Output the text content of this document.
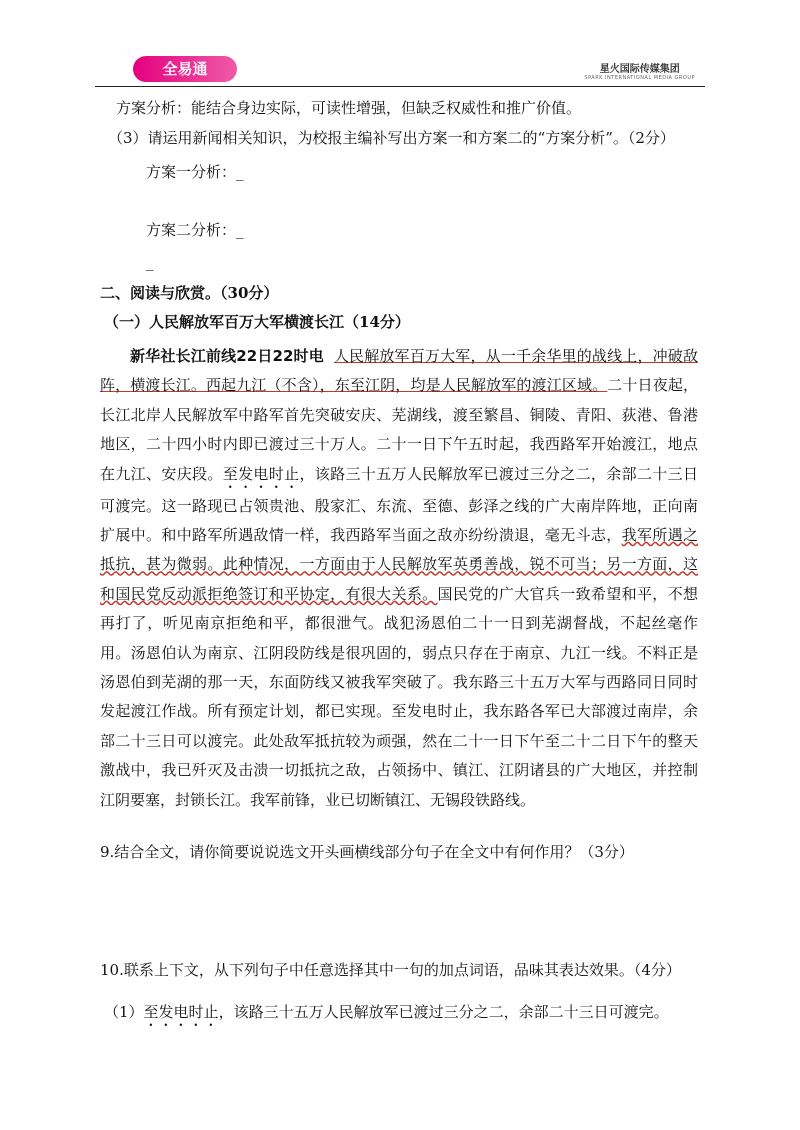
全易通	星火国际传媒集团
SPARK INTERNATIONAL MEDIA GROUP
方案分析：能结合身边实际，可读性增强，但缺乏权威性和推广价值。
（3）请运用新闻相关知识，为校报主编补写出方案一和方案二的“方案分析”。（2分）
方案一分析：_
方案二分析：_
_
二、阅读与欣赏。（30分）
（一）人民解放军百万大军横渡长江（14分）

新华社长江前线22日22时电 人民解放军百万大军，从一千余华里的战线上，冲破敌阵，横渡长江。西起九江（不含），东至江阴，均是人民解放军的渡江区域。二十日夜起，长江北岸人民解放军中路军首先突破安庆、芜湖线，渡至繁昌、铜陵、青阳、荻港、鲁港地区，二十四小时内即已渡过三十万人。二十一日下午五时起，我西路军开始渡江，地点在九江、安庆段。至发电时止，该路三十五万人民解放军已渡过三分之二，余部二十三日可渡完。这一路现已占领贵池、殷家汇、东流、至德、彭泽之线的广大南岸阵地，正向南扩展中。和中路军所遇敌情一样，我西路军当面之敌亦纷纷溃退，毫无斗志，我军所遇之抵抗，甚为微弱。此种情况，一方面由于人民解放军英勇善战，锐不可当；另一方面，这和国民党反动派拒绝签订和平协定，有很大关系。国民党的广大官兵一致希望和平，不想再打了，听见南京拒绝和平，都很泄气。战犯汤恩伯二十一日到芜湖督战，不起丝毫作用。汤恩伯认为南京、江阴段防线是很巩固的，弱点只存在于南京、九江一线。不料正是汤恩伯到芜湖的那一天，东面防线又被我军突破了。我东路三十五万大军与西路同日同时发起渡江作战。所有预定计划，都已实现。至发电时止，我东路各军已大部渡过南岸，余部二十三日可以渡完。此处敌军抵抗较为顽强，然在二十一日下午至二十二日下午的整天激战中，我已歼灭及击溃一切抵抗之敌，占领扬中、镇江、江阴诸县的广大地区，并控制江阴要塞，封锁长江。我军前锋，业已切断镇江、无锡段铁路线。

9.结合全文，请你简要说说选文开头画横线部分句子在全文中有何作用？（3分）
10.联系上下文，从下列句子中任意选择其中一句的加点词语，品味其表达效果。（4分）
（1）至发电时止，该路三十五万人民解放军已渡过三分之二，余部二十三日可渡完。
